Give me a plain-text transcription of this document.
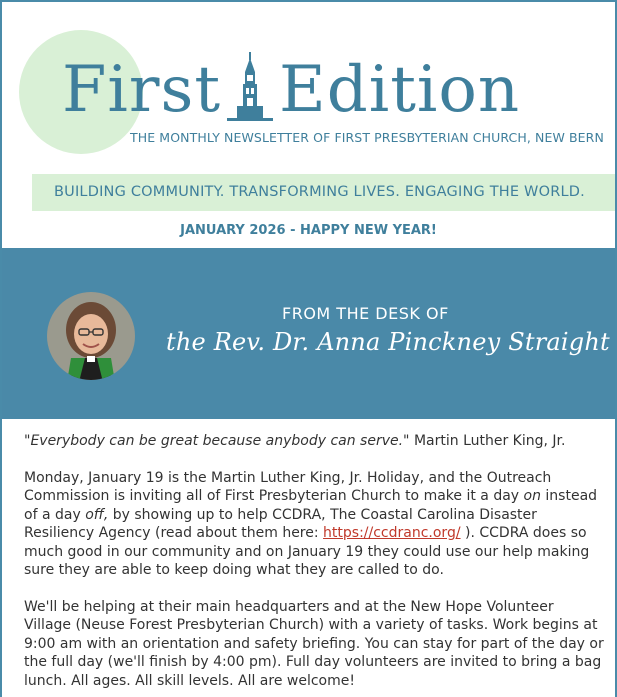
First Edition
THE MONTHLY NEWSLETTER OF FIRST PRESBYTERIAN CHURCH, NEW BERN
BUILDING COMMUNITY. TRANSFORMING LIVES. ENGAGING THE WORLD.
JANUARY 2026 - HAPPY NEW YEAR!
FROM THE DESK OF
the Rev. Dr. Anna Pinckney Straight

"Everybody can be great because anybody can serve." Martin Luther King, Jr.

Monday, January 19 is the Martin Luther King, Jr. Holiday, and the Outreach Commission is inviting all of First Presbyterian Church to make it a day on instead of a day off, by showing up to help CCDRA, The Coastal Carolina Disaster Resiliency Agency (read about them here: https://ccdranc.org/ ). CCDRA does so much good in our community and on January 19 they could use our help making sure they are able to keep doing what they are called to do.

We'll be helping at their main headquarters and at the New Hope Volunteer Village (Neuse Forest Presbyterian Church) with a variety of tasks. Work begins at 9:00 am with an orientation and safety briefing. You can stay for part of the day or the full day (we'll finish by 4:00 pm). Full day volunteers are invited to bring a bag lunch. All ages. All skill levels. All are welcome!
